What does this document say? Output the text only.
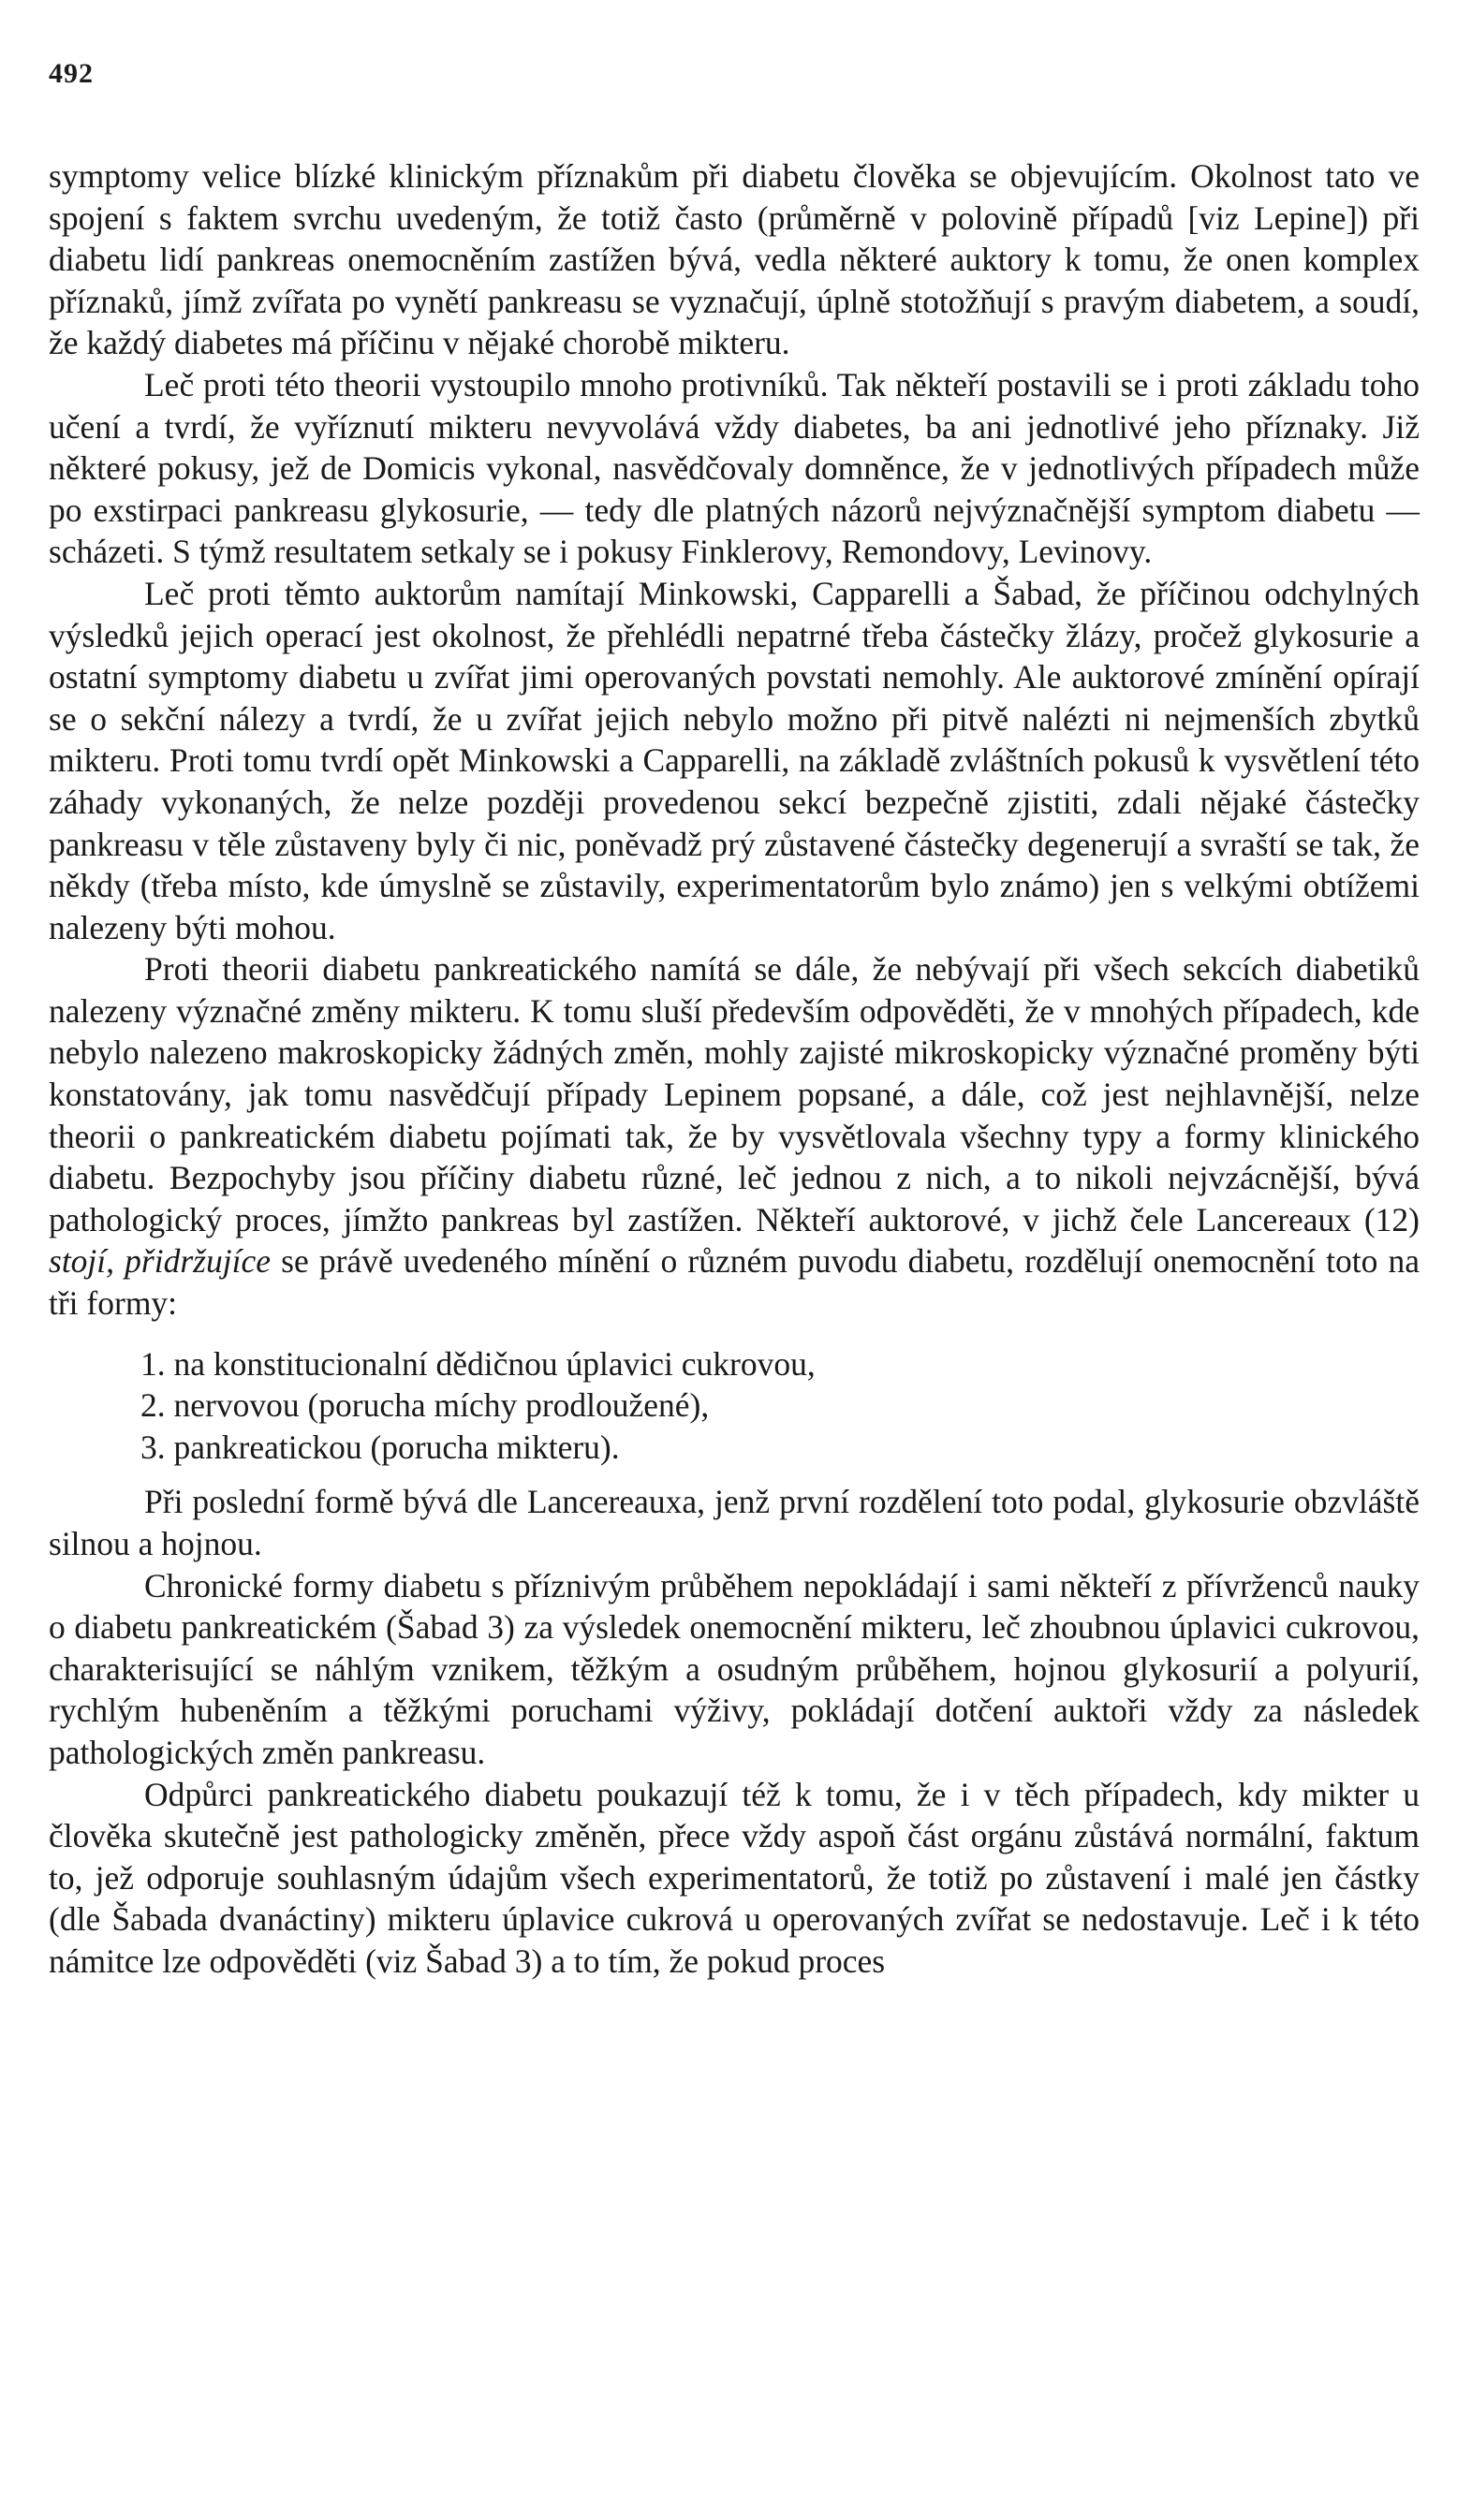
492

symptomy velice blízké klinickým příznakům při diabetu člověka se objevujícím. Okolnost tato ve spojení s faktem svrchu uvedeným, že totiž často (průměrně v polovině případů [viz Lepine]) při diabetu lidí pankreas onemocněním zastížen bývá, vedla některé auktory k tomu, že onen komplex příznaků, jímž zvířata po vynětí pankreasu se vyznačují, úplně stotožňují s pravým diabetem, a soudí, že každý diabetes má příčinu v nějaké chorobě mikteru.

Leč proti této theorii vystoupilo mnoho protivníků. Tak někteří postavili se i proti základu toho učení a tvrdí, že vyříznutí mikteru nevyvolává vždy diabetes, ba ani jednotlivé jeho příznaky. Již některé pokusy, jež de Domicis vykonal, nasvědčovaly domněnce, že v jednotlivých případech může po exstirpaci pankreasu glykosurie, — tedy dle platných názorů nejvýznačnější symptom diabetu — scházeti. S týmž resultatem setkaly se i pokusy Finklerovy, Remondovy, Levinovy.

Leč proti těmto auktorům namítají Minkowski, Capparelli a Šabad, že příčinou odchylných výsledků jejich operací jest okolnost, že přehlédli nepatrné třeba částečky žlázy, pročež glykosurie a ostatní symptomy diabetu u zvířat jimi operovaných povstati nemohly. Ale auktorové zmínění opírají se o sekční nálezy a tvrdí, že u zvířat jejich nebylo možno při pitvě nalézti ni nejmenších zbytků mikteru. Proti tomu tvrdí opět Minkowski a Capparelli, na základě zvláštních pokusů k vysvětlení této záhady vykonaných, že nelze později provedenou sekcí bezpečně zjistiti, zdali nějaké částečky pankreasu v těle zůstaveny byly či nic, poněvadž prý zůstavené částečky degenerují a svraští se tak, že někdy (třeba místo, kde úmyslně se zůstavily, experimentatorům bylo známo) jen s velkými obtížemi nalezeny býti mohou.

Proti theorii diabetu pankreatického namítá se dále, že nebývají při všech sekcích diabetiků nalezeny význačné změny mikteru. K tomu sluší především odpověděti, že v mnohých případech, kde nebylo nalezeno makroskopicky žádných změn, mohly zajisté mikroskopicky význačné proměny býti konstatovány, jak tomu nasvědčují případy Lepinem popsané, a dále, což jest nejhlavnější, nelze theorii o pankreatickém diabetu pojímati tak, že by vysvětlovala všechny typy a formy klinického diabetu. Bezpochyby jsou příčiny diabetu různé, leč jednou z nich, a to nikoli nejvzácnější, bývá pathologický proces, jímžto pankreas byl zastížen. Někteří auktorové, v jichž čele Lancereaux (12) stojí, přidržujíce se právě uvedeného mínění o různém puvodu diabetu, rozdělují onemocnění toto na tři formy:

1. na konstitucionalní dědičnou úplavici cukrovou,
2. nervovou (porucha míchy prodloužené),
3. pankreatickou (porucha mikteru).

Při poslední formě bývá dle Lancereauxa, jenž první rozdělení toto podal, glykosurie obzvláště silnou a hojnou.

Chronické formy diabetu s příznivým průběhem nepokládají i sami někteří z přívrženců nauky o diabetu pankreatickém (Šabad 3) za výsledek onemocnění mikteru, leč zhoubnou úplavici cukrovou, charakterisující se náhlým vznikem, těžkým a osudným průběhem, hojnou glykosurií a polyurií, rychlým hubeněním a těžkými poruchami výživy, pokládají dotčení auktoři vždy za následek pathologických změn pankreasu.

Odpůrci pankreatického diabetu poukazují též k tomu, že i v těch případech, kdy mikter u člověka skutečně jest pathologicky změněn, přece vždy aspoň část orgánu zůstává normální, faktum to, jež odporuje souhlasným údajům všech experimentatorů, že totiž po zůstavení i malé jen částky (dle Šabada dvanáctiny) mikteru úplavice cukrová u operovaných zvířat se nedostavuje. Leč i k této námitce lze odpověděti (viz Šabad 3) a to tím, že pokud proces
